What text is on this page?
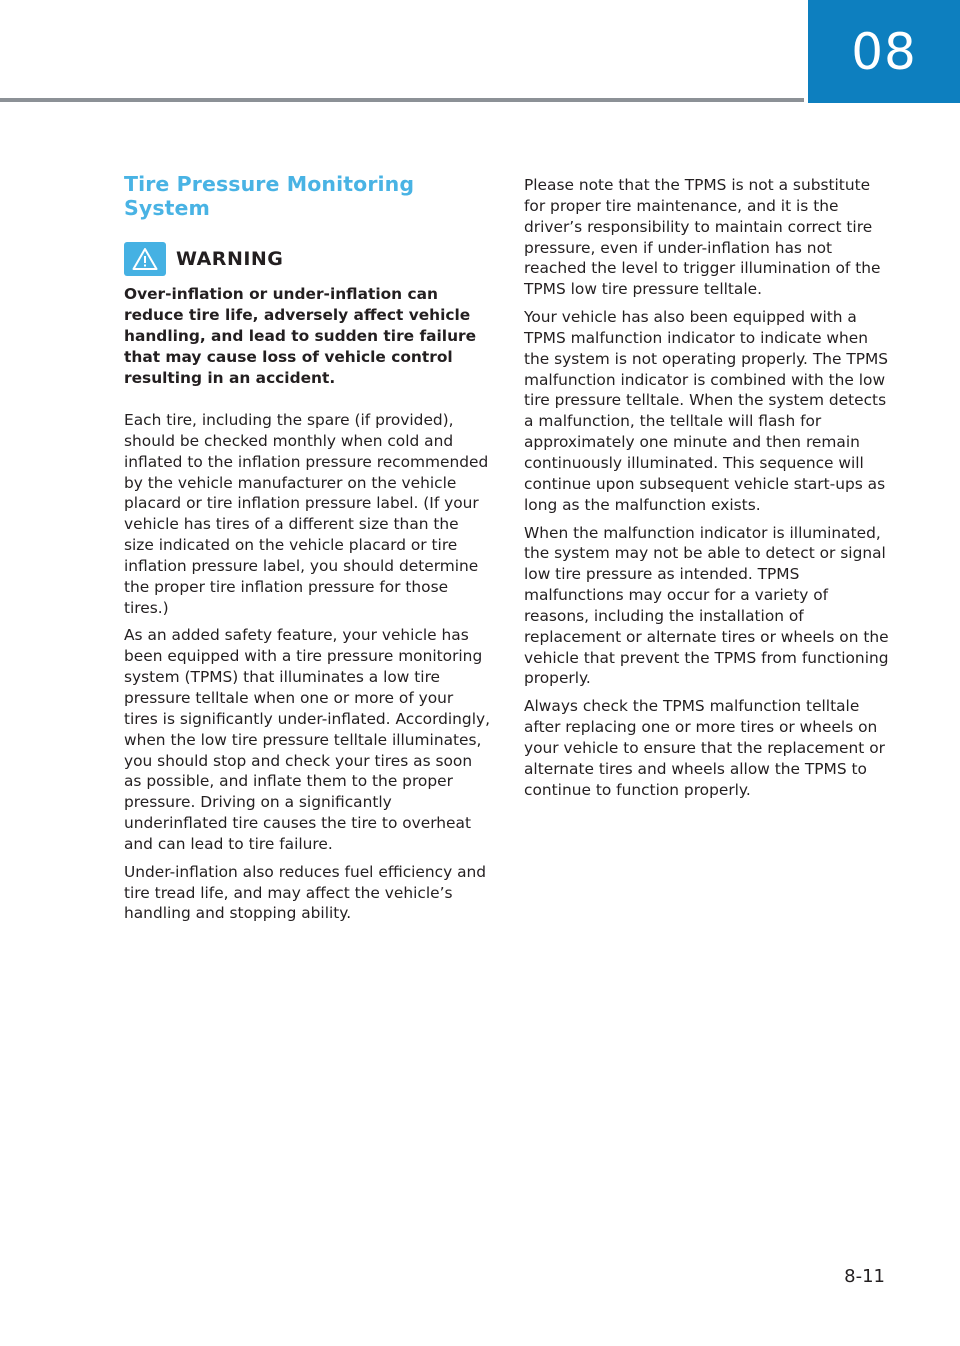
08
Tire Pressure Monitoring System
WARNING
Over-inflation or under-inflation can reduce tire life, adversely affect vehicle handling, and lead to sudden tire failure that may cause loss of vehicle control resulting in an accident.

Each tire, including the spare (if provided), should be checked monthly when cold and inflated to the inflation pressure recommended by the vehicle manufacturer on the vehicle placard or tire inflation pressure label. (If your vehicle has tires of a different size than the size indicated on the vehicle placard or tire inflation pressure label, you should determine the proper tire inflation pressure for those tires.)

As an added safety feature, your vehicle has been equipped with a tire pressure monitoring system (TPMS) that illuminates a low tire pressure telltale when one or more of your tires is significantly under-inflated. Accordingly, when the low tire pressure telltale illuminates, you should stop and check your tires as soon as possible, and inflate them to the proper pressure. Driving on a significantly underinflated tire causes the tire to overheat and can lead to tire failure.

Under-inflation also reduces fuel efficiency and tire tread life, and may affect the vehicle’s handling and stopping ability.

Please note that the TPMS is not a substitute for proper tire maintenance, and it is the driver’s responsibility to maintain correct tire pressure, even if under-inflation has not reached the level to trigger illumination of the TPMS low tire pressure telltale.

Your vehicle has also been equipped with a TPMS malfunction indicator to indicate when the system is not operating properly. The TPMS malfunction indicator is combined with the low tire pressure telltale. When the system detects a malfunction, the telltale will flash for approximately one minute and then remain continuously illuminated. This sequence will continue upon subsequent vehicle start-ups as long as the malfunction exists.

When the malfunction indicator is illuminated, the system may not be able to detect or signal low tire pressure as intended. TPMS malfunctions may occur for a variety of reasons, including the installation of replacement or alternate tires or wheels on the vehicle that prevent the TPMS from functioning properly.

Always check the TPMS malfunction telltale after replacing one or more tires or wheels on your vehicle to ensure that the replacement or alternate tires and wheels allow the TPMS to continue to function properly.

8-11
